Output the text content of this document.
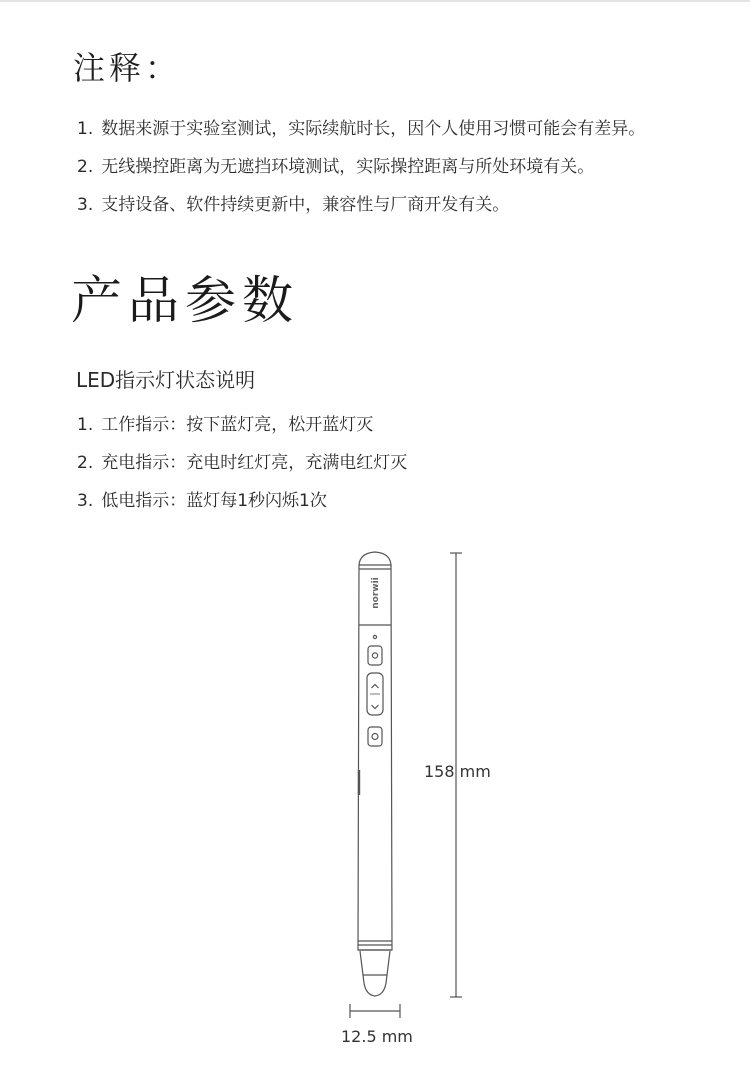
注释：
1. 数据来源于实验室测试，实际续航时长，因个人使用习惯可能会有差异。
2. 无线操控距离为无遮挡环境测试，实际操控距离与所处环境有关。
3. 支持设备、软件持续更新中，兼容性与厂商开发有关。
产品参数
LED指示灯状态说明
1. 工作指示：按下蓝灯亮，松开蓝灯灭
2. 充电指示：充电时红灯亮，充满电红灯灭
3. 低电指示：蓝灯每1秒闪烁1次
norwii
158 mm
12.5 mm
